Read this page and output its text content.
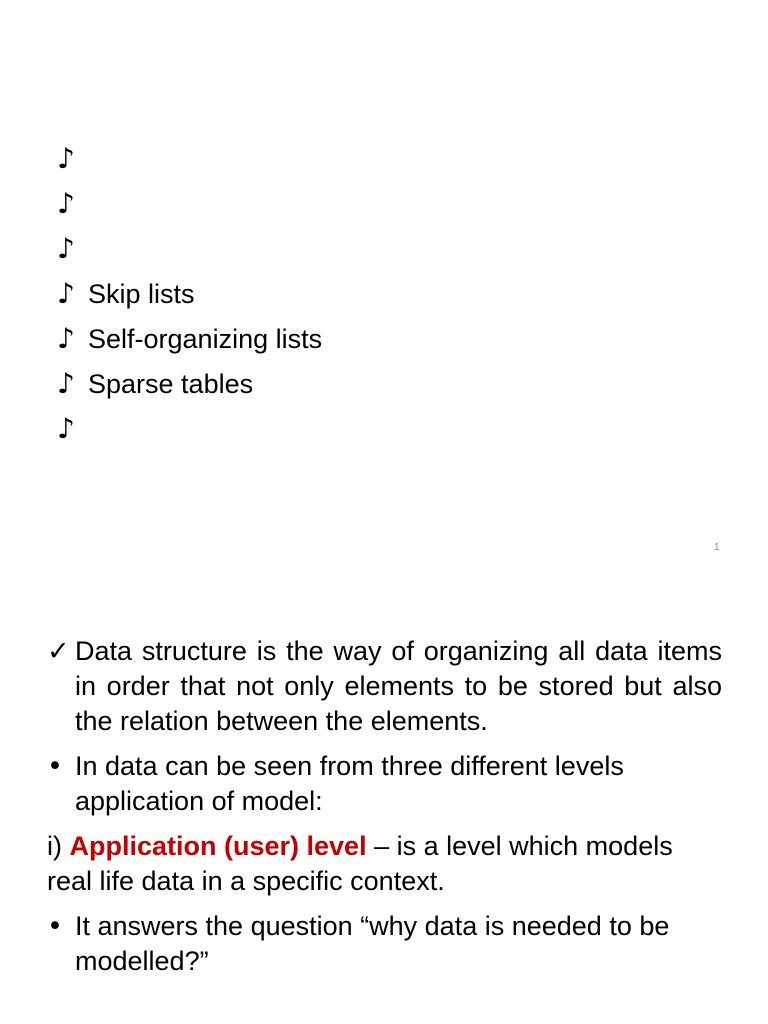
♪
♪
♪
♪ Skip lists
♪ Self-organizing lists
♪ Sparse tables
♪
1
✓ Data structure is the way of organizing all data items in order that not only elements to be stored but also the relation between the elements.
• In data can be seen from three different levels application of model:
i) Application (user) level – is a level which models real life data in a specific context.
• It answers the question “why data is needed to be modelled?”
